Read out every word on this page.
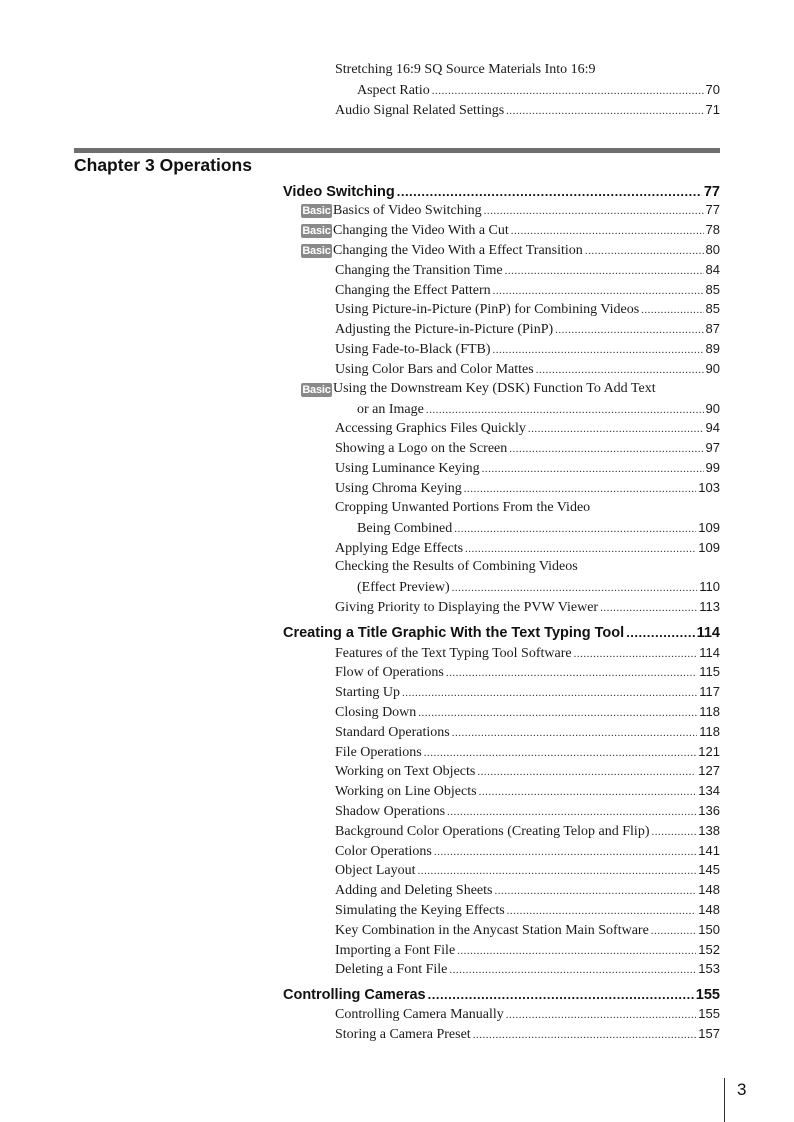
Stretching 16:9 SQ Source Materials Into 16:9
Aspect Ratio .....	70
Audio Signal Related Settings .....	71
Chapter 3 Operations
Video Switching .....	77
Basic Basics of Video Switching .....	77
Basic Changing the Video With a Cut .....	78
Basic Changing the Video With a Effect Transition .....	80
Changing the Transition Time .....	84
Changing the Effect Pattern .....	85
Using Picture-in-Picture (PinP) for Combining Videos .....	85
Adjusting the Picture-in-Picture (PinP) .....	87
Using Fade-to-Black (FTB) .....	89
Using Color Bars and Color Mattes .....	90
Basic Using the Downstream Key (DSK) Function To Add Text
or an Image .....	90
Accessing Graphics Files Quickly .....	94
Showing a Logo on the Screen .....	97
Using Luminance Keying .....	99
Using Chroma Keying .....	103
Cropping Unwanted Portions From the Video
Being Combined .....	109
Applying Edge Effects .....	109
Checking the Results of Combining Videos
(Effect Preview) .....	110
Giving Priority to Displaying the PVW Viewer .....	113
Creating a Title Graphic With the Text Typing Tool .....	114
Features of the Text Typing Tool Software .....	114
Flow of Operations .....	115
Starting Up .....	117
Closing Down .....	118
Standard Operations .....	118
File Operations .....	121
Working on Text Objects .....	127
Working on Line Objects .....	134
Shadow Operations .....	136
Background Color Operations (Creating Telop and Flip) .....	138
Color Operations .....	141
Object Layout .....	145
Adding and Deleting Sheets .....	148
Simulating the Keying Effects .....	148
Key Combination in the Anycast Station Main Software .....	150
Importing a Font File .....	152
Deleting a Font File .....	153
Controlling Cameras .....	155
Controlling Camera Manually .....	155
Storing a Camera Preset .....	157
3
